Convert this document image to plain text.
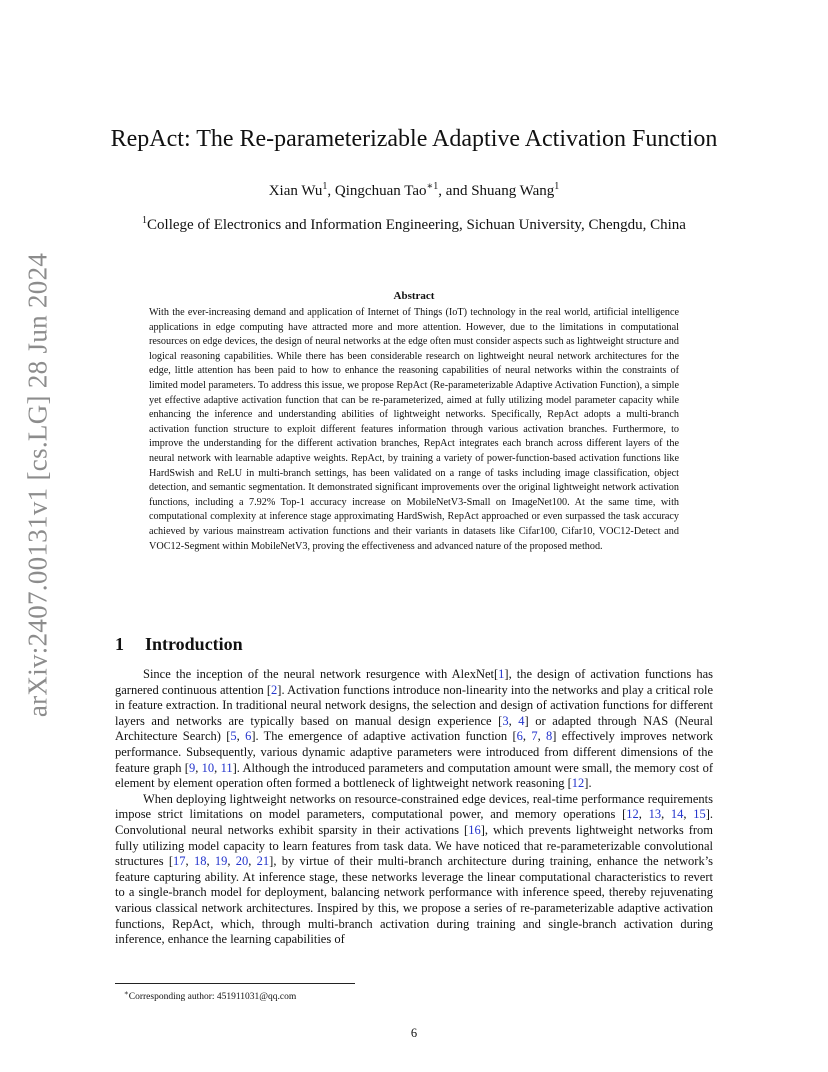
arXiv:2407.00131v1 [cs.LG] 28 Jun 2024
RepAct: The Re-parameterizable Adaptive Activation Function
Xian Wu$^1$, Qingchuan Tao$^{∗1}$, and Shuang Wang$^1$
$^1$College of Electronics and Information Engineering, Sichuan University, Chengdu, China
Abstract

With the ever-increasing demand and application of Internet of Things (IoT) technology in the real world, artificial intelligence applications in edge computing have attracted more and more attention. However, due to the limitations in computational resources on edge devices, the design of neural networks at the edge often must consider aspects such as lightweight structure and logical reasoning capabilities. While there has been considerable research on lightweight neural network architectures for the edge, little attention has been paid to how to enhance the reasoning capabilities of neural networks within the constraints of limited model parameters. To address this issue, we propose RepAct (Re-parameterizable Adaptive Activation Function), a simple yet effective adaptive activation function that can be re-parameterized, aimed at fully utilizing model parameter capacity while enhancing the inference and understanding abilities of lightweight networks. Specifically, RepAct adopts a multi-branch activation function structure to exploit different features information through various activation branches. Furthermore, to improve the understanding for the different activation branches, RepAct integrates each branch across different layers of the neural network with learnable adaptive weights. RepAct, by training a variety of power-function-based activation functions like HardSwish and ReLU in multi-branch settings, has been validated on a range of tasks including image classification, object detection, and semantic segmentation. It demonstrated significant improvements over the original lightweight network activation functions, including a 7.92% Top-1 accuracy increase on MobileNetV3-Small on ImageNet100. At the same time, with computational complexity at inference stage approximating HardSwish, RepAct approached or even surpassed the task accuracy achieved by various mainstream activation functions and their variants in datasets like Cifar100, Cifar10, VOC12-Detect and VOC12-Segment within MobileNetV3, proving the effectiveness and advanced nature of the proposed method.

1 Introduction

Since the inception of the neural network resurgence with AlexNet[1], the design of activation functions has garnered continuous attention [2]. Activation functions introduce non-linearity into the networks and play a critical role in feature extraction. In traditional neural network designs, the selection and design of activation functions for different layers and networks are typically based on manual design experience [3, 4] or adapted through NAS (Neural Architecture Search) [5, 6]. The emergence of adaptive activation function [6, 7, 8] effectively improves network performance. Subsequently, various dynamic adaptive parameters were introduced from different dimensions of the feature graph [9, 10, 11]. Although the introduced parameters and computation amount were small, the memory cost of element by element operation often formed a bottleneck of lightweight network reasoning [12].

When deploying lightweight networks on resource-constrained edge devices, real-time performance requirements impose strict limitations on model parameters, computational power, and memory operations [12, 13, 14, 15]. Convolutional neural networks exhibit sparsity in their activations [16], which prevents lightweight networks from fully utilizing model capacity to learn features from task data. We have noticed that re-parameterizable convolutional structures [17, 18, 19, 20, 21], by virtue of their multi-branch architecture during training, enhance the network’s feature capturing ability. At inference stage, these networks leverage the linear computational characteristics to revert to a single-branch model for deployment, balancing network performance with inference speed, thereby rejuvenating various classical network architectures. Inspired by this, we propose a series of re-parameterizable adaptive activation functions, RepAct, which, through multi-branch activation during training and single-branch activation during inference, enhance the learning capabilities of

∗Corresponding author: 451911031@qq.com
6
